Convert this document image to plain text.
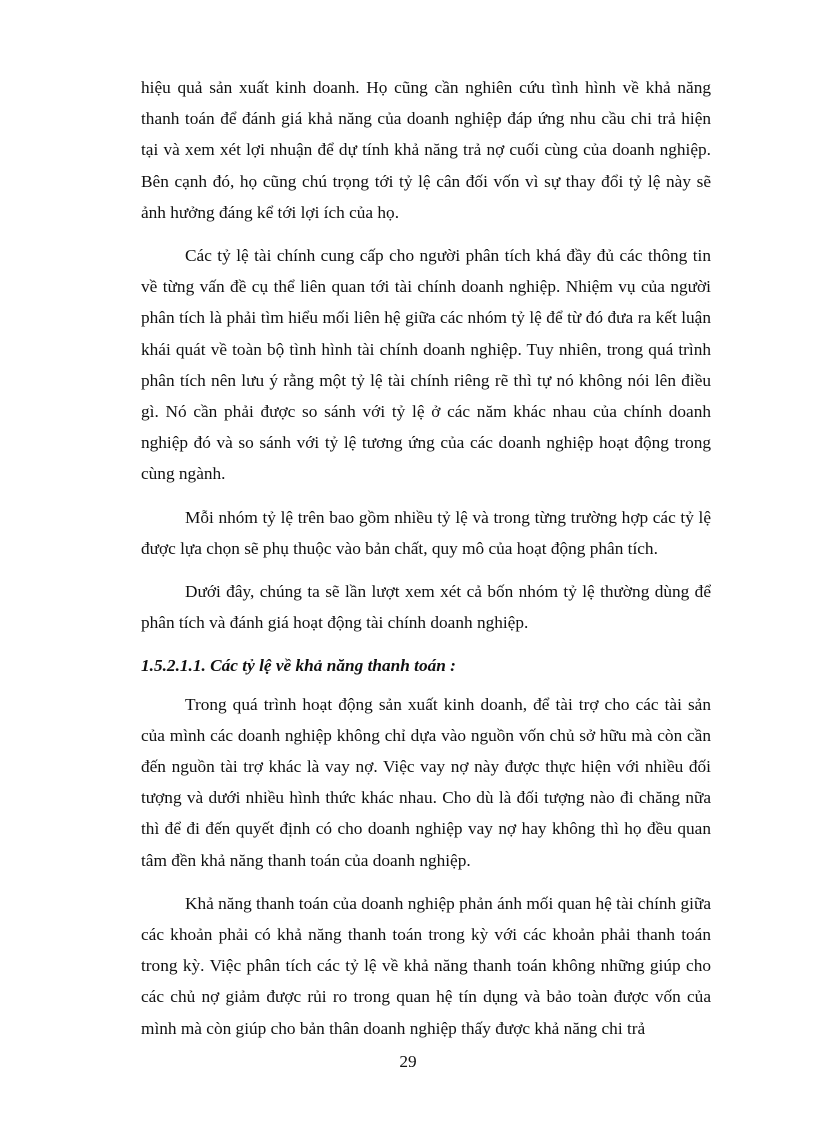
hiệu quả sản xuất kinh doanh. Họ cũng cần nghiên cứu tình hình về khả năng thanh toán để đánh giá khả năng của doanh nghiệp đáp ứng nhu cầu chi trả hiện tại và xem xét lợi nhuận để dự tính khả năng trả nợ cuối cùng của doanh nghiệp. Bên cạnh đó, họ cũng chú trọng tới tỷ lệ cân đối vốn vì sự thay đổi tỷ lệ này sẽ ảnh hưởng đáng kể tới lợi ích của họ.

Các tỷ lệ tài chính cung cấp cho người phân tích khá đầy đủ các thông tin về từng vấn đề cụ thể liên quan tới tài chính doanh nghiệp. Nhiệm vụ của người phân tích là phải tìm hiểu mối liên hệ giữa các nhóm tỷ lệ để từ đó đưa ra kết luận khái quát về toàn bộ tình hình tài chính doanh nghiệp. Tuy nhiên, trong quá trình phân tích nên lưu ý rằng một tỷ lệ tài chính riêng rẽ thì tự nó không nói lên điều gì. Nó cần phải được so sánh với tỷ lệ ở các năm khác nhau của chính doanh nghiệp đó và so sánh với tỷ lệ tương ứng của các doanh nghiệp hoạt động trong cùng ngành.

Mỗi nhóm tỷ lệ trên bao gồm nhiều tỷ lệ và trong từng trường hợp các tỷ lệ được lựa chọn sẽ phụ thuộc vào bản chất, quy mô của hoạt động phân tích.

Dưới đây, chúng ta sẽ lần lượt xem xét cả bốn nhóm tỷ lệ thường dùng để phân tích và đánh giá hoạt động tài chính doanh nghiệp.

1.5.2.1.1. Các tỷ lệ về khả năng thanh toán :

Trong quá trình hoạt động sản xuất kinh doanh, để tài trợ cho các tài sản của mình các doanh nghiệp không chỉ dựa vào nguồn vốn chủ sở hữu mà còn cần đến nguồn tài trợ khác là vay nợ. Việc vay nợ này được thực hiện với nhiều đối tượng và dưới nhiều hình thức khác nhau. Cho dù là đối tượng nào đi chăng nữa thì để đi đến quyết định có cho doanh nghiệp vay nợ hay không thì họ đều quan tâm đền khả năng thanh toán của doanh nghiệp.

Khả năng thanh toán của doanh nghiệp phản ánh mối quan hệ tài chính giữa các khoản phải có khả năng thanh toán trong kỳ với các khoản phải thanh toán trong kỳ. Việc phân tích các tỷ lệ về khả năng thanh toán không những giúp cho các chủ nợ giảm được rủi ro trong quan hệ tín dụng và bảo toàn được vốn của mình mà còn giúp cho bản thân doanh nghiệp thấy được khả năng chi trả

29
